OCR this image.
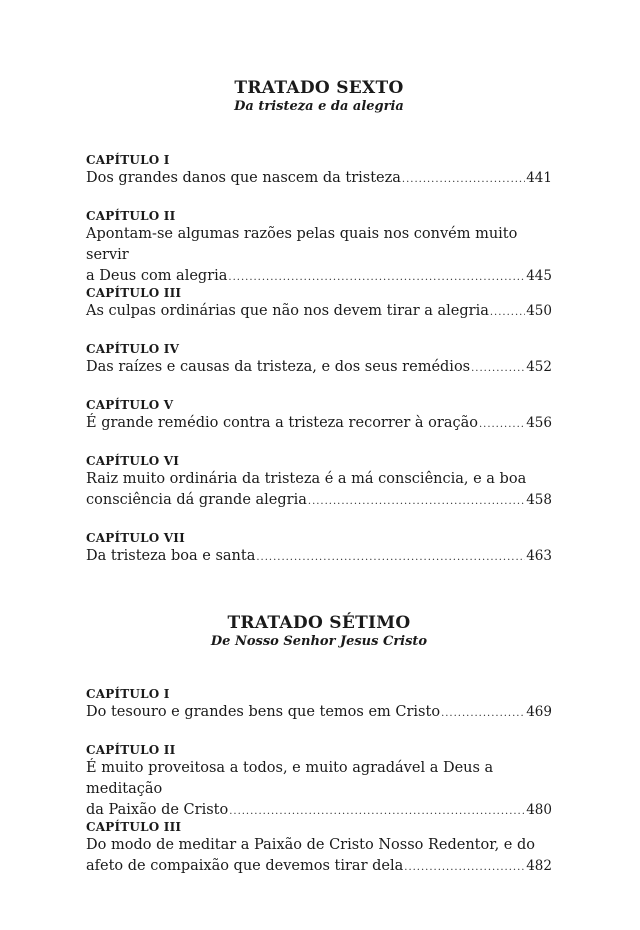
TRATADO SEXTO
Da tristeza e da alegria
CAPÍTULO I
Dos grandes danos que nascem da tristeza .....	441
CAPÍTULO II
Apontam-se algumas razões pelas quais nos convém muito servir
a Deus com alegria .....	445
CAPÍTULO III
As culpas ordinárias que não nos devem tirar a alegria .....	450
CAPÍTULO IV
Das raízes e causas da tristeza, e dos seus remédios .....	452
CAPÍTULO V
É grande remédio contra a tristeza recorrer à oração .....	456
CAPÍTULO VI
Raiz muito ordinária da tristeza é a má consciência, e a boa
consciência dá grande alegria .....	458
CAPÍTULO VII
Da tristeza boa e santa .....	463
TRATADO SÉTIMO
De Nosso Senhor Jesus Cristo
CAPÍTULO I
Do tesouro e grandes bens que temos em Cristo .....	469
CAPÍTULO II
É muito proveitosa a todos, e muito agradável a Deus a meditação
da Paixão de Cristo .....	480
CAPÍTULO III
Do modo de meditar a Paixão de Cristo Nosso Redentor, e do
afeto de compaixão que devemos tirar dela .....	482
